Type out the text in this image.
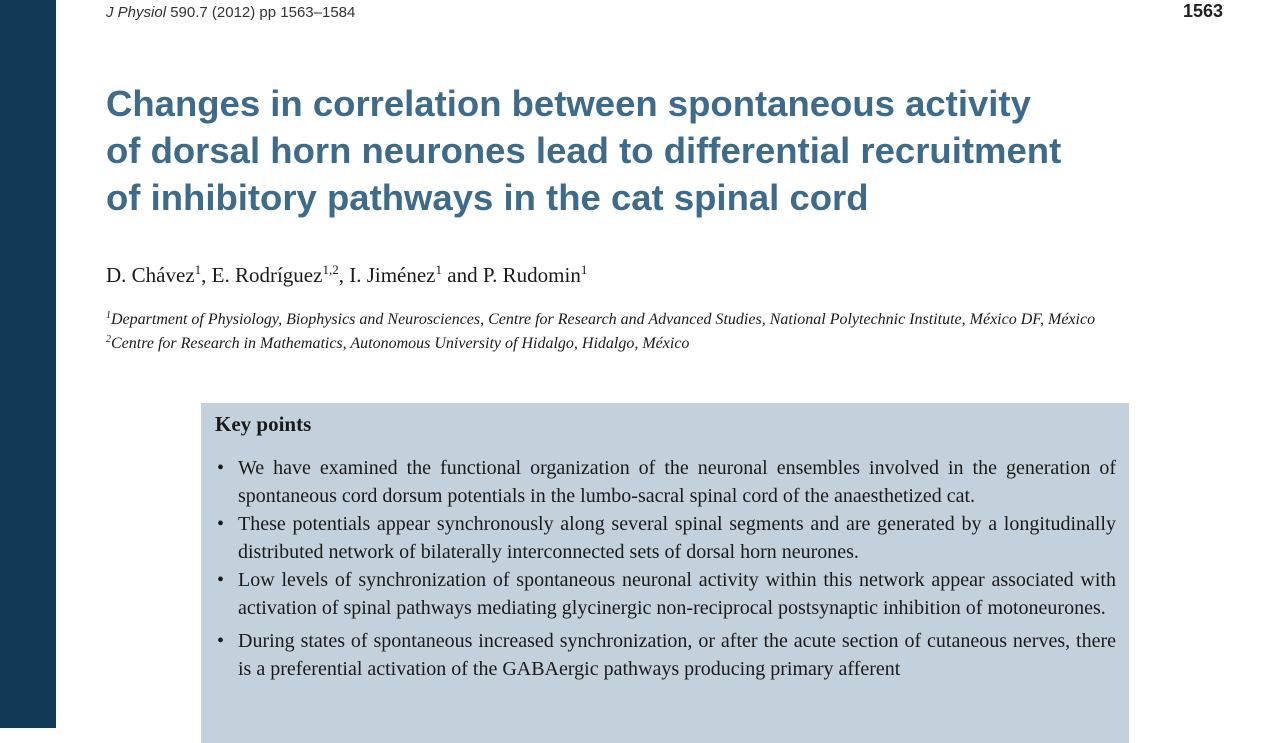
hysiology
J Physiol 590.7 (2012) pp 1563–1584	1563
Changes in correlation between spontaneous activity
of dorsal horn neurones lead to differential recruitment
of inhibitory pathways in the cat spinal cord
D. Chávez$^1$, E. Rodríguez$^{1,2}$, I. Jiménez$^1$ and P. Rudomin$^1$
$^1$Department of Physiology, Biophysics and Neurosciences, Centre for Research and Advanced Studies, National Polytechnic Institute, México DF, México
$^2$Centre for Research in Mathematics, Autonomous University of Hidalgo, Hidalgo, México
Key points
• We have examined the functional organization of the neuronal ensembles involved in the generation of spontaneous cord dorsum potentials in the lumbo-sacral spinal cord of the anaesthetized cat.
• These potentials appear synchronously along several spinal segments and are generated by a longitudinally distributed network of bilaterally interconnected sets of dorsal horn neurones.
• Low levels of synchronization of spontaneous neuronal activity within this network appear associated with activation of spinal pathways mediating glycinergic non-reciprocal postsynaptic inhibition of motoneurones.
• During states of spontaneous increased synchronization, or after the acute section of cutaneous nerves, there is a preferential activation of the GABAergic pathways producing primary afferent
